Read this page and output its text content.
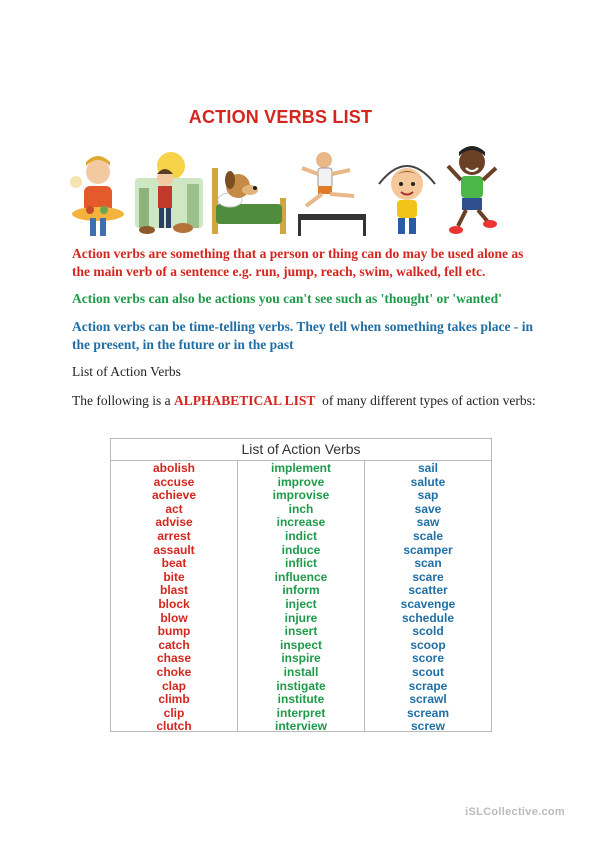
ACTION VERBS LIST
Action verbs are something that a person or thing can do may be used alone as the main verb of a sentence e.g. run, jump, reach, swim, walked, fell etc.
Action verbs can also be actions you can't see such as 'thought' or 'wanted'
Action verbs can be time-telling verbs. They tell when something takes place - in the present, in the future or in the past
List of Action Verbs
The following is a ALPHABETICAL LIST  of many different types of action verbs:
List of Action Verbs
abolish
accuse
achieve
act
advise
arrest
assault
beat
bite
blast
block
blow
bump
catch
chase
choke
clap
climb
clip
clutch
implement
improve
improvise
inch
increase
indict
induce
inflict
influence
inform
inject
injure
insert
inspect
inspire
install
instigate
institute
interpret
interview
sail
salute
sap
save
saw
scale
scamper
scan
scare
scatter
scavenge
schedule
scold
scoop
score
scout
scrape
scrawl
scream
screw
iSLCollective.com
